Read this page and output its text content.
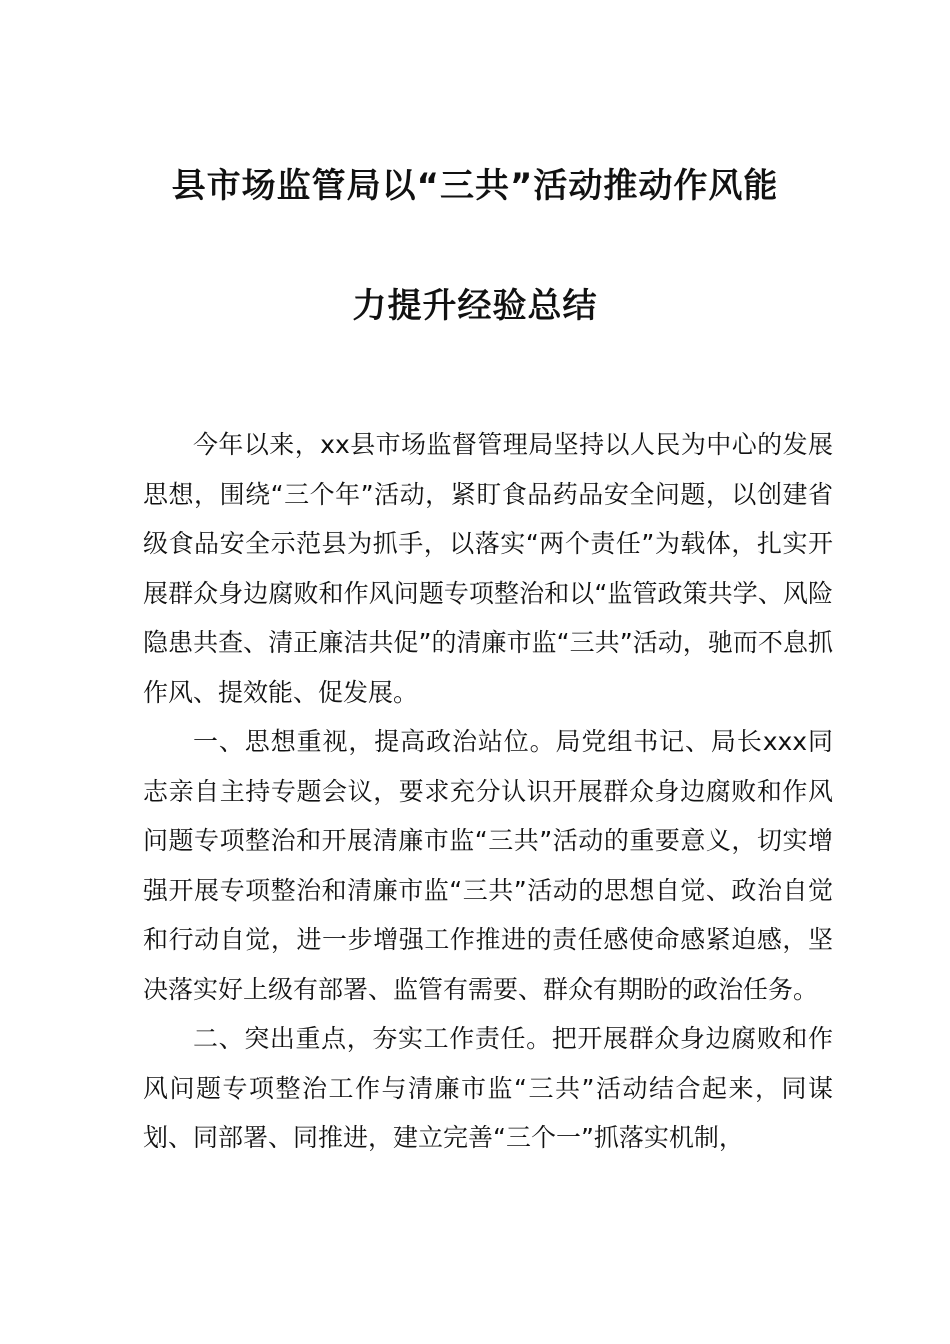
县市场监管局以“三共”活动推动作风能
力提升经验总结

今年以来，xx县市场监督管理局坚持以人民为中心的发展思想，围绕“三个年”活动，紧盯食品药品安全问题，以创建省级食品安全示范县为抓手，以落实“两个责任”为载体，扎实开展群众身边腐败和作风问题专项整治和以“监管政策共学、风险隐患共查、清正廉洁共促”的清廉市监“三共”活动，驰而不息抓作风、提效能、促发展。

一、思想重视，提高政治站位。局党组书记、局长xxx同志亲自主持专题会议，要求充分认识开展群众身边腐败和作风问题专项整治和开展清廉市监“三共”活动的重要意义，切实增强开展专项整治和清廉市监“三共”活动的思想自觉、政治自觉和行动自觉，进一步增强工作推进的责任感使命感紧迫感，坚决落实好上级有部署、监管有需要、群众有期盼的政治任务。

二、突出重点，夯实工作责任。把开展群众身边腐败和作风问题专项整治工作与清廉市监“三共”活动结合起来，同谋划、同部署、同推进，建立完善“三个一”抓落实机制，
